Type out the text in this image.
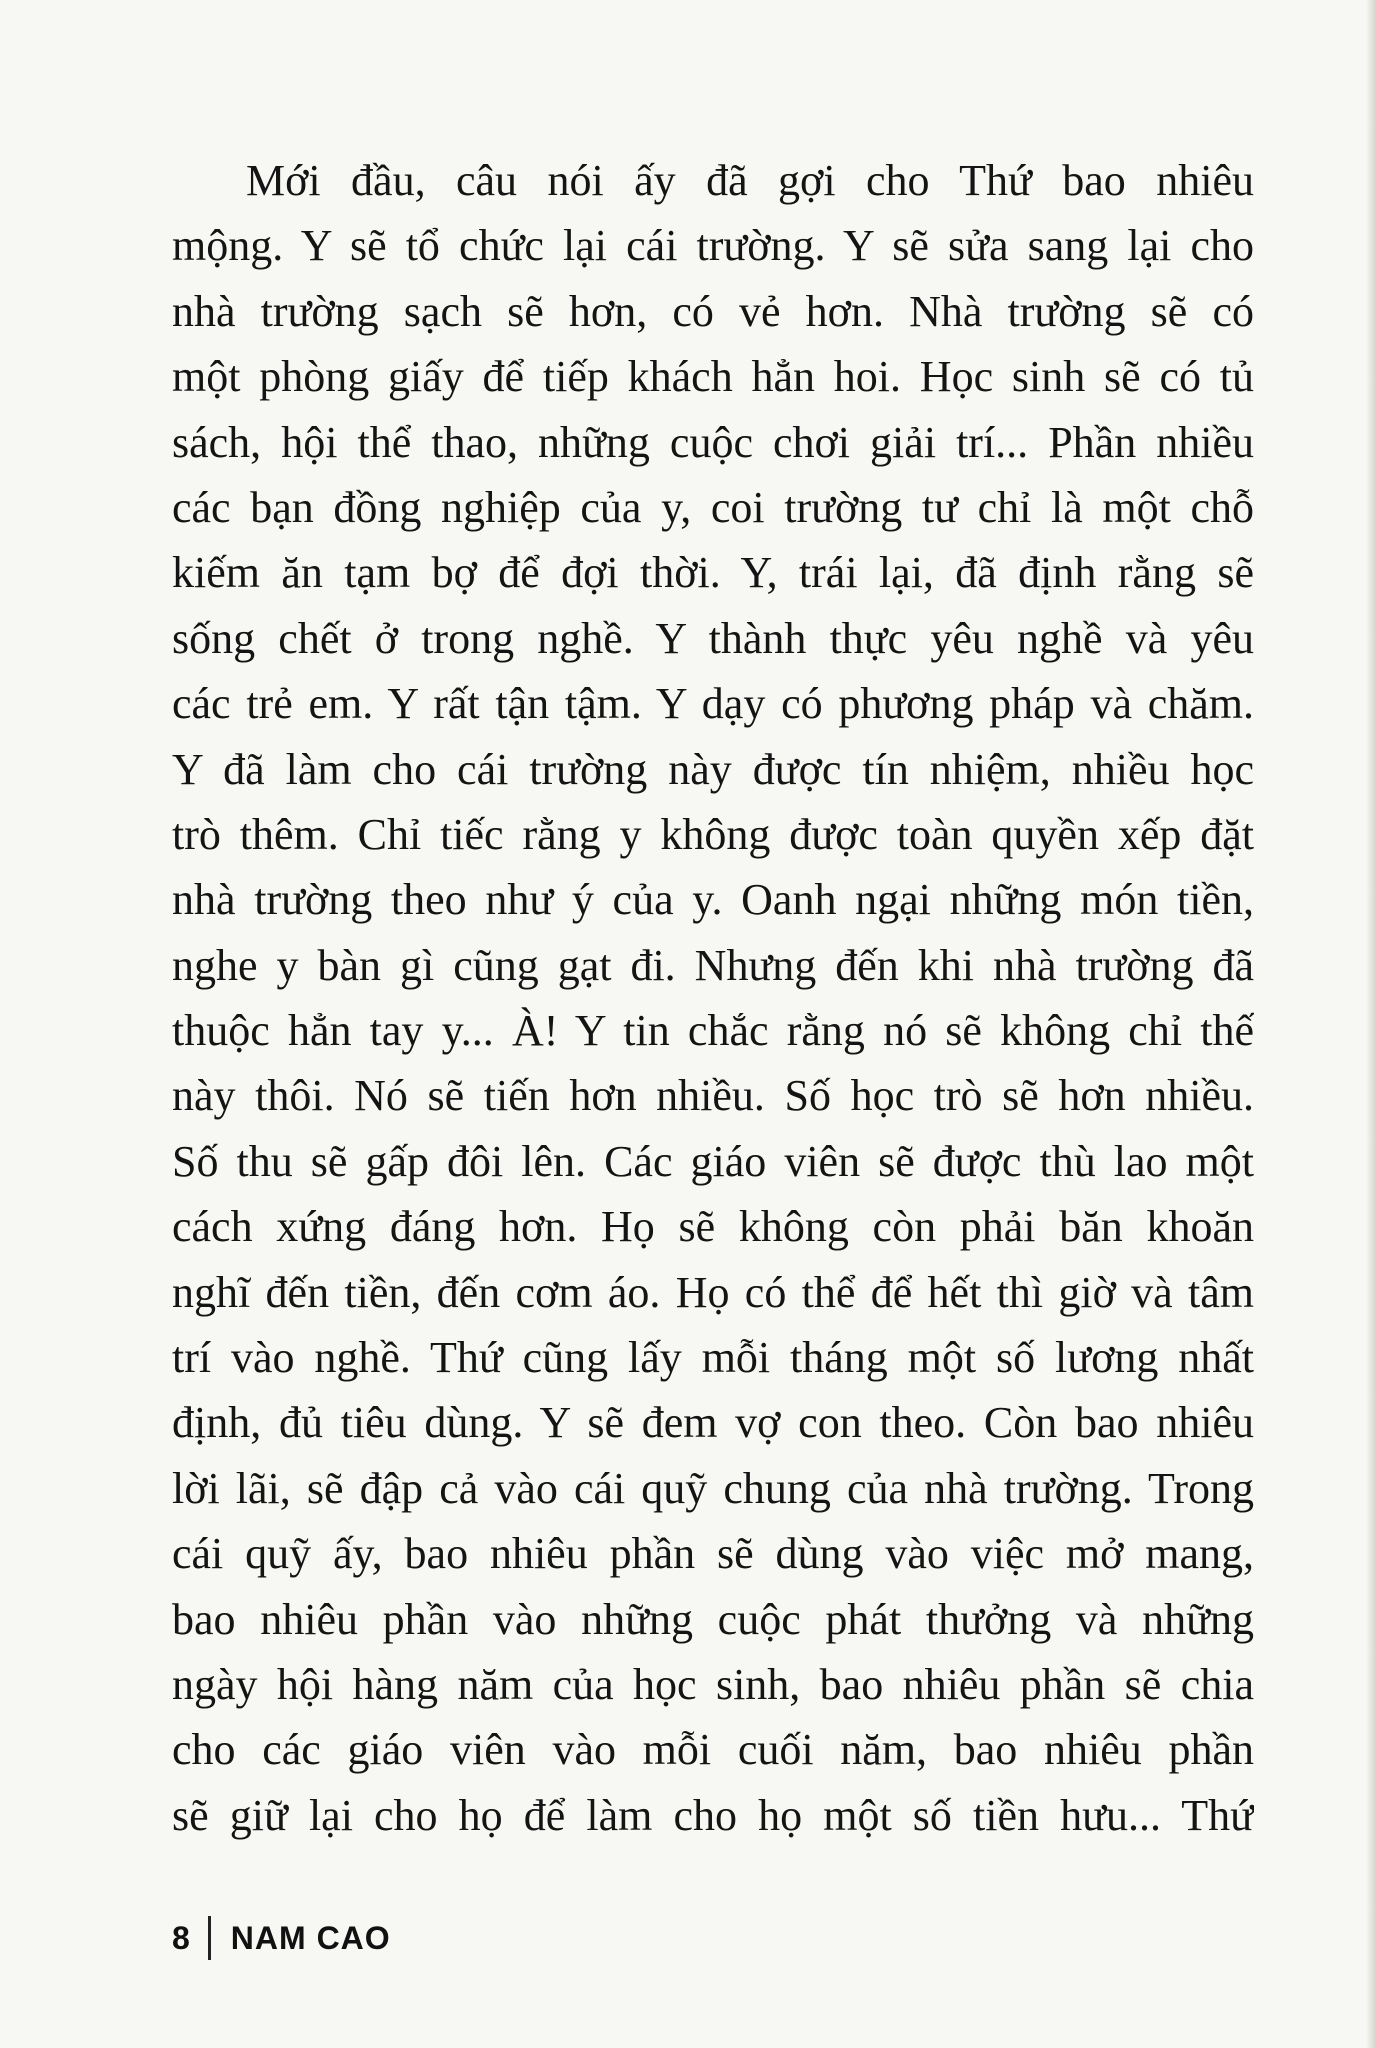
Mới đầu, câu nói ấy đã gợi cho Thứ bao nhiêu
mộng. Y sẽ tổ chức lại cái trường. Y sẽ sửa sang lại cho
nhà trường sạch sẽ hơn, có vẻ hơn. Nhà trường sẽ có
một phòng giấy để tiếp khách hẳn hoi. Học sinh sẽ có tủ
sách, hội thể thao, những cuộc chơi giải trí... Phần nhiều
các bạn đồng nghiệp của y, coi trường tư chỉ là một chỗ
kiếm ăn tạm bợ để đợi thời. Y, trái lại, đã định rằng sẽ
sống chết ở trong nghề. Y thành thực yêu nghề và yêu
các trẻ em. Y rất tận tậm. Y dạy có phương pháp và chăm.
Y đã làm cho cái trường này được tín nhiệm, nhiều học
trò thêm. Chỉ tiếc rằng y không được toàn quyền xếp đặt
nhà trường theo như ý của y. Oanh ngại những món tiền,
nghe y bàn gì cũng gạt đi. Nhưng đến khi nhà trường đã
thuộc hẳn tay y... À! Y tin chắc rằng nó sẽ không chỉ thế
này thôi. Nó sẽ tiến hơn nhiều. Số học trò sẽ hơn nhiều.
Số thu sẽ gấp đôi lên. Các giáo viên sẽ được thù lao một
cách xứng đáng hơn. Họ sẽ không còn phải băn khoăn
nghĩ đến tiền, đến cơm áo. Họ có thể để hết thì giờ và tâm
trí vào nghề. Thứ cũng lấy mỗi tháng một số lương nhất
định, đủ tiêu dùng. Y sẽ đem vợ con theo. Còn bao nhiêu
lời lãi, sẽ đập cả vào cái quỹ chung của nhà trường. Trong
cái quỹ ấy, bao nhiêu phần sẽ dùng vào việc mở mang,
bao nhiêu phần vào những cuộc phát thưởng và những
ngày hội hàng năm của học sinh, bao nhiêu phần sẽ chia
cho các giáo viên vào mỗi cuối năm, bao nhiêu phần
sẽ giữ lại cho họ để làm cho họ một số tiền hưu... Thứ
8 NAM CAO
